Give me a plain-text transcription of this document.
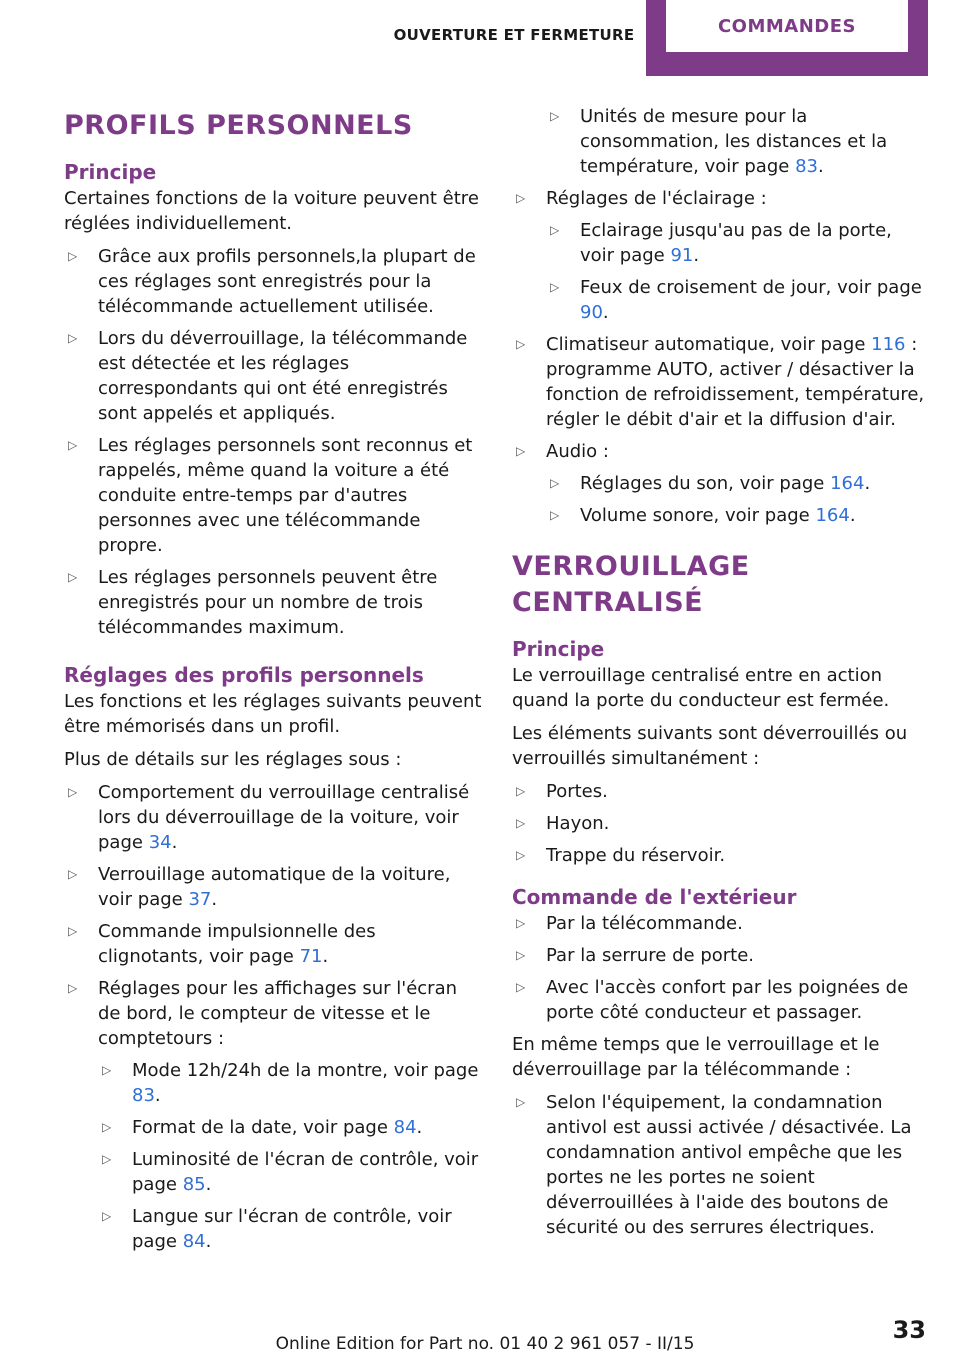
OUVERTURE ET FERMETURE	COMMANDES
PROFILS PERSONNELS
Principe

Certaines fonctions de la voiture peuvent être réglées individuellement.

▷ Grâce aux profils personnels,la plupart de ces réglages sont enregistrés pour la télécommande actuellement utilisée.
▷ Lors du déverrouillage, la télécommande est détectée et les réglages correspondants qui ont été enregistrés sont appelés et appliqués.
▷ Les réglages personnels sont reconnus et rappelés, même quand la voiture a été conduite entre-temps par d'autres personnes avec une télécommande propre.
▷ Les réglages personnels peuvent être enregistrés pour un nombre de trois télécommandes maximum.
Réglages des profils personnels

Les fonctions et les réglages suivants peuvent être mémorisés dans un profil.

Plus de détails sur les réglages sous :

▷ Comportement du verrouillage centralisé lors du déverrouillage de la voiture, voir page 34.
▷ Verrouillage automatique de la voiture, voir page 37.
▷ Commande impulsionnelle des clignotants, voir page 71.
▷ Réglages pour les affichages sur l'écran de bord, le compteur de vitesse et le comptetours :
▷ Mode 12h/24h de la montre, voir page 83.
▷ Format de la date, voir page 84.
▷ Luminosité de l'écran de contrôle, voir page 85.
▷ Langue sur l'écran de contrôle, voir page 84.
▷ Unités de mesure pour la consommation, les distances et la température, voir page 83.
▷ Réglages de l'éclairage :
▷ Eclairage jusqu'au pas de la porte, voir page 91.
▷ Feux de croisement de jour, voir page 90.
▷ Climatiseur automatique, voir page 116 : programme AUTO, activer / désactiver la fonction de refroidissement, température, régler le débit d'air et la diffusion d'air.
▷ Audio :
▷ Réglages du son, voir page 164.
▷ Volume sonore, voir page 164.
VERROUILLAGE CENTRALISÉ
Principe

Le verrouillage centralisé entre en action quand la porte du conducteur est fermée.

Les éléments suivants sont déverrouillés ou verrouillés simultanément :

▷ Portes.
▷ Hayon.
▷ Trappe du réservoir.
Commande de l'extérieur
▷ Par la télécommande.
▷ Par la serrure de porte.
▷ Avec l'accès confort par les poignées de porte côté conducteur et passager.

En même temps que le verrouillage et le déverrouillage par la télécommande :

▷ Selon l'équipement, la condamnation antivol est aussi activée / désactivée. La condamnation antivol empêche que les portes ne les portes ne soient déverrouillées à l'aide des boutons de sécurité ou des serrures électriques.
33
Online Edition for Part no. 01 40 2 961 057 - II/15
